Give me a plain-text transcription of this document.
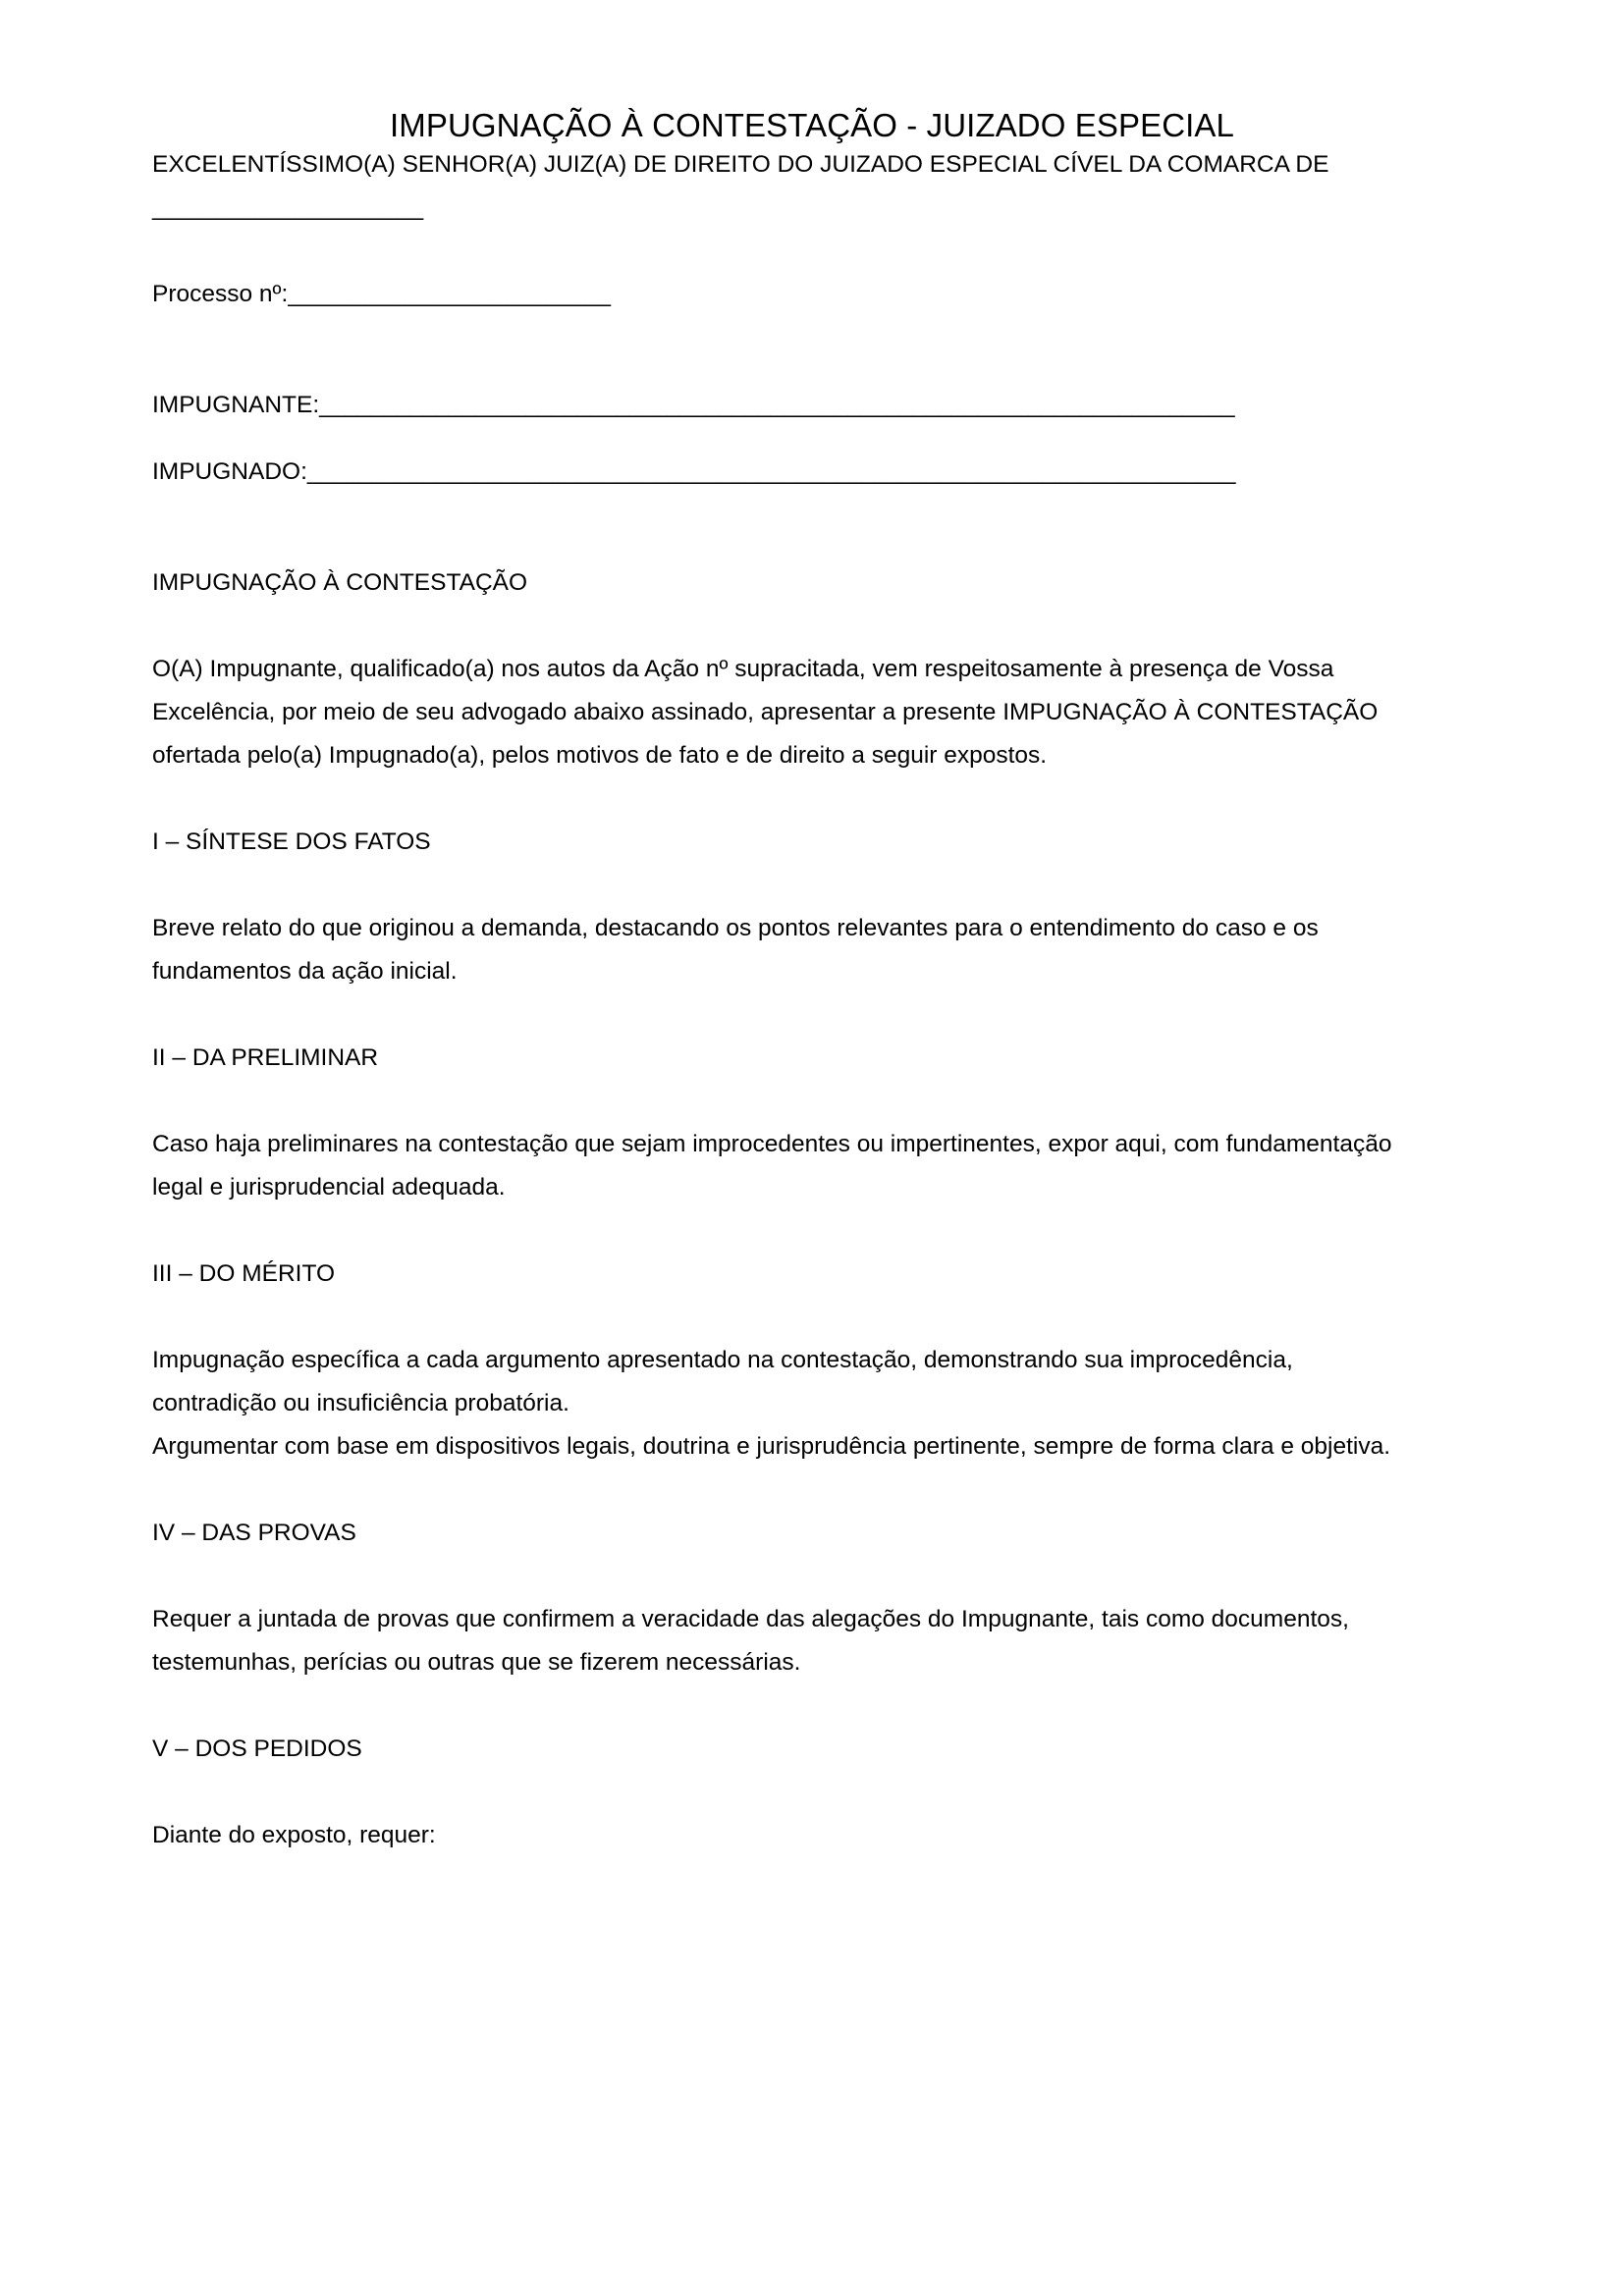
IMPUGNAÇÃO À CONTESTAÇÃO - JUIZADO ESPECIAL

EXCELENTÍSSIMO(A) SENHOR(A) JUIZ(A) DE DIREITO DO JUIZADO ESPECIAL CÍVEL DA COMARCA DE

_____________________

Processo nº:_________________________

IMPUGNANTE:_______________________________________________________________________

IMPUGNADO:________________________________________________________________________

IMPUGNAÇÃO À CONTESTAÇÃO

O(A) Impugnante, qualificado(a) nos autos da Ação nº supracitada, vem respeitosamente à presença de Vossa Excelência, por meio de seu advogado abaixo assinado, apresentar a presente IMPUGNAÇÃO À CONTESTAÇÃO ofertada pelo(a) Impugnado(a), pelos motivos de fato e de direito a seguir expostos.

I – SÍNTESE DOS FATOS

Breve relato do que originou a demanda, destacando os pontos relevantes para o entendimento do caso e os fundamentos da ação inicial.

II – DA PRELIMINAR

Caso haja preliminares na contestação que sejam improcedentes ou impertinentes, expor aqui, com fundamentação legal e jurisprudencial adequada.

III – DO MÉRITO

Impugnação específica a cada argumento apresentado na contestação, demonstrando sua improcedência, contradição ou insuficiência probatória.

Argumentar com base em dispositivos legais, doutrina e jurisprudência pertinente, sempre de forma clara e objetiva.

IV – DAS PROVAS

Requer a juntada de provas que confirmem a veracidade das alegações do Impugnante, tais como documentos, testemunhas, perícias ou outras que se fizerem necessárias.

V – DOS PEDIDOS

Diante do exposto, requer:
